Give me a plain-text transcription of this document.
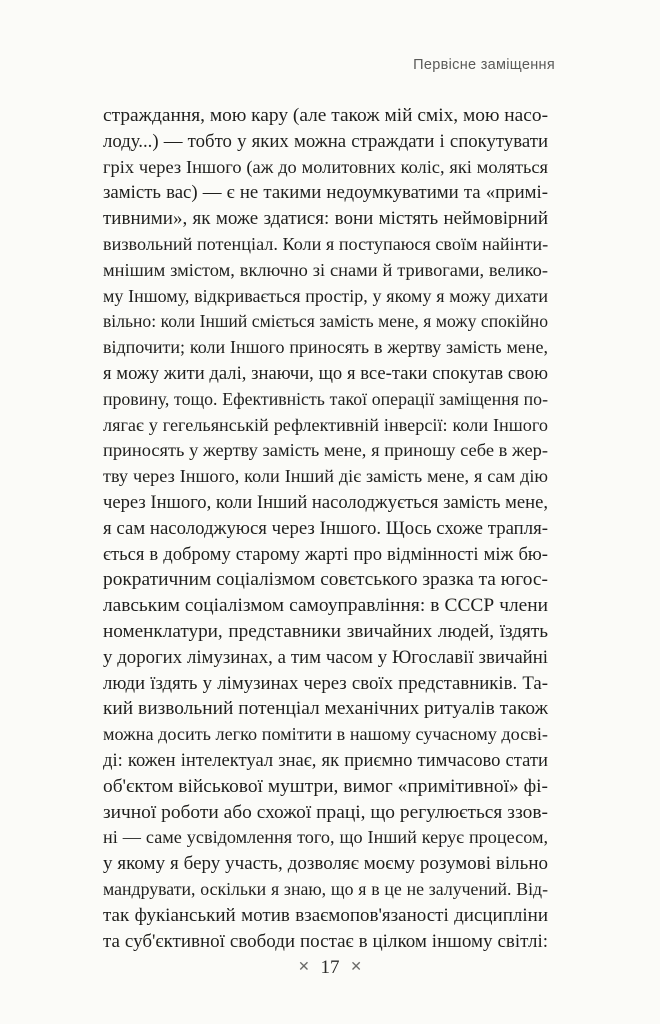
Первісне заміщення
страждання, мою кару (але також мій сміх, мою насо-
лоду...) — тобто у яких можна страждати і спокутувати
гріх через Іншого (аж до молитовних коліс, які моляться
замість вас) — є не такими недоумкуватими та «примі-
тивними», як може здатися: вони містять неймовірний
визвольний потенціал. Коли я поступаюся своїм найінти-
мнішим змістом, включно зі снами й тривогами, велико-
му Іншому, відкривається простір, у якому я можу дихати
вільно: коли Інший сміється замість мене, я можу спокійно
відпочити; коли Іншого приносять в жертву замість мене,
я можу жити далі, знаючи, що я все-таки спокутав свою
провину, тощо. Ефективність такої операції заміщення по-
лягає у гегельянській рефлективній інверсії: коли Іншого
приносять у жертву замість мене, я приношу себе в жер-
тву через Іншого, коли Інший діє замість мене, я сам дію
через Іншого, коли Інший насолоджується замість мене,
я сам насолоджуюся через Іншого. Щось схоже трапля-
ється в доброму старому жарті про відмінності між бю-
рократичним соціалізмом совєтського зразка та югос-
лавським соціалізмом самоуправління: в СССР члени
номенклатури, представники звичайних людей, їздять
у дорогих лімузинах, а тим часом у Югославії звичайні
люди їздять у лімузинах через своїх представників. Та-
кий визвольний потенціал механічних ритуалів також
можна досить легко помітити в нашому сучасному досві-
ді: кожен інтелектуал знає, як приємно тимчасово стати
об'єктом військової муштри, вимог «примітивної» фі-
зичної роботи або схожої праці, що регулюється ззов-
ні — саме усвідомлення того, що Інший керує процесом,
у якому я беру участь, дозволяє моєму розумові вільно
мандрувати, оскільки я знаю, що я в це не залучений. Від-
так фукіанський мотив взаємопов'язаності дисципліни
та суб'єктивної свободи постає в цілком іншому світлі:
✕ 17 ✕
